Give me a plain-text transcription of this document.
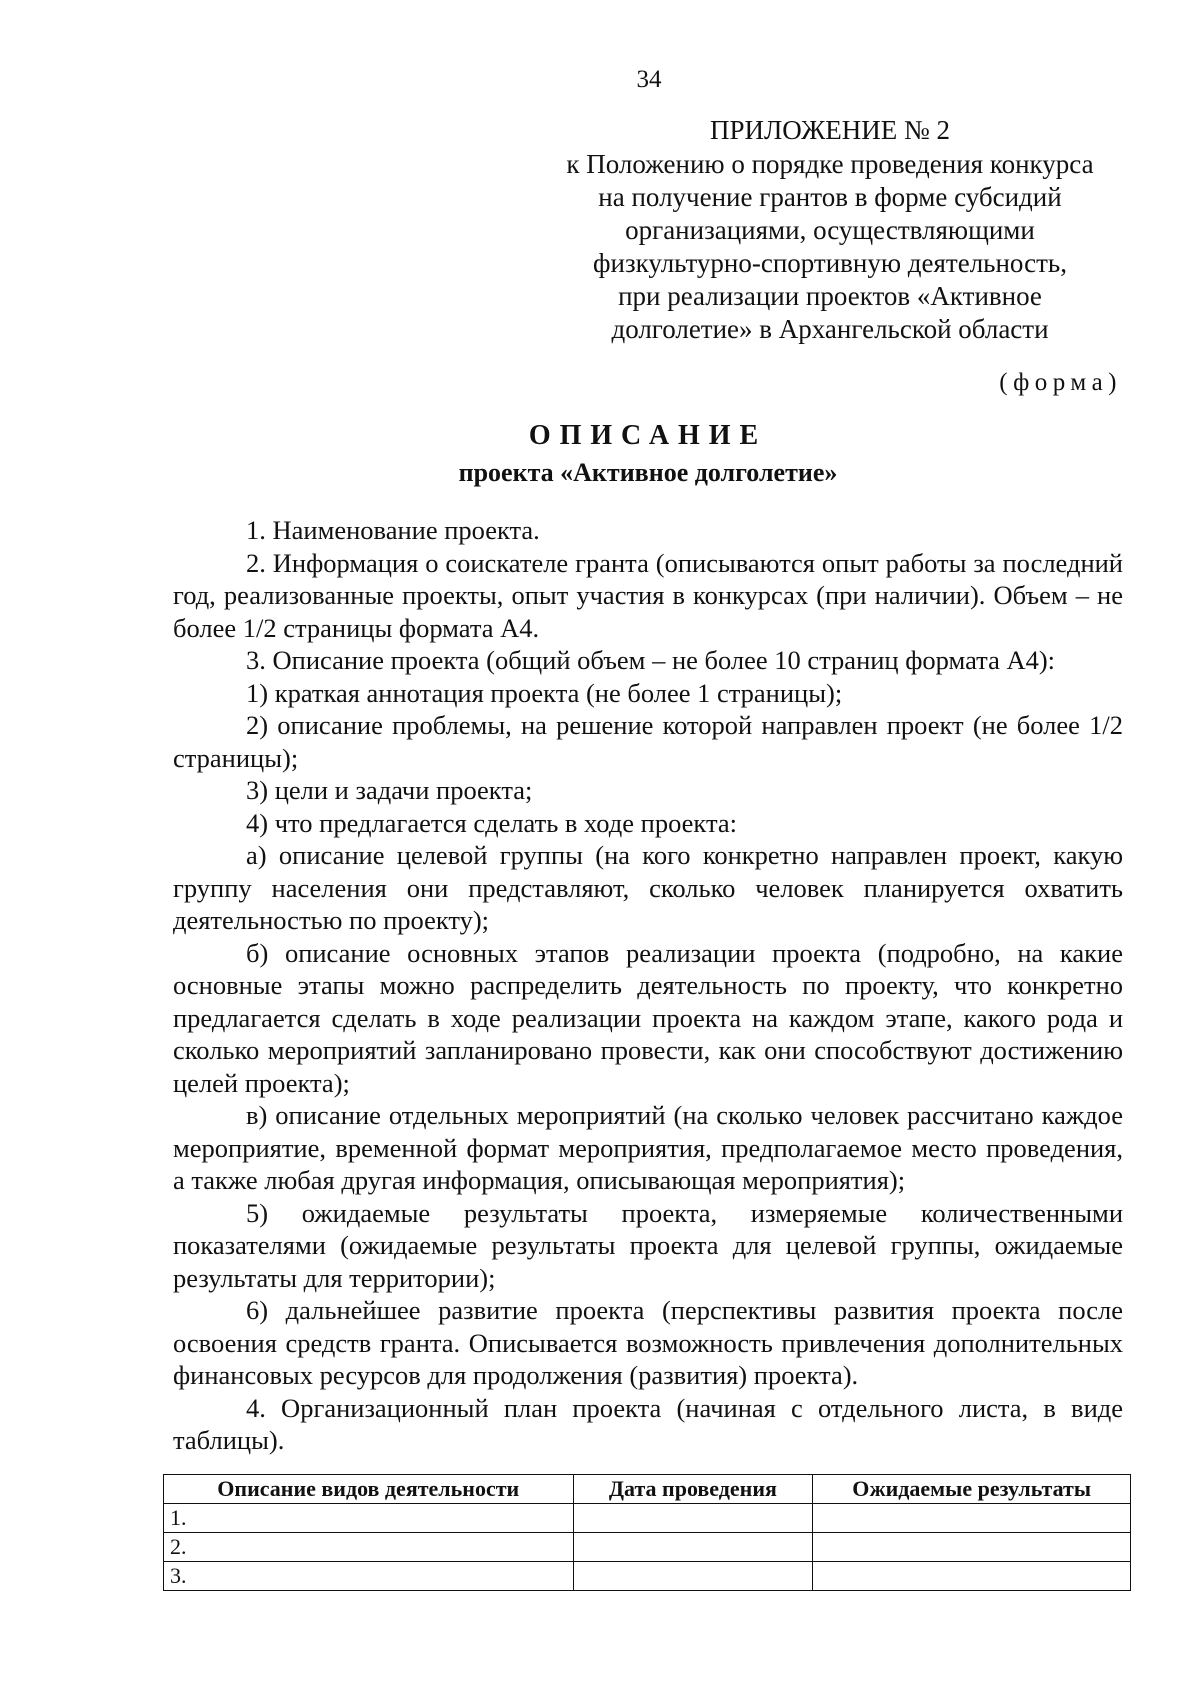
34
ПРИЛОЖЕНИЕ № 2
к Положению о порядке проведения конкурса
на получение грантов в форме субсидий
организациями, осуществляющими
физкультурно-спортивную деятельность,
при реализации проектов «Активное
долголетие» в Архангельской области
(форма)
ОПИСАНИЕ
проекта «Активное долголетие»

1. Наименование проекта.

2. Информация о соискателе гранта (описываются опыт работы за последний год, реализованные проекты, опыт участия в конкурсах (при наличии). Объем – не более 1/2 страницы формата А4.

3. Описание проекта (общий объем – не более 10 страниц формата А4):

1) краткая аннотация проекта (не более 1 страницы);

2) описание проблемы, на решение которой направлен проект (не более 1/2 страницы);

3) цели и задачи проекта;

4) что предлагается сделать в ходе проекта:

а) описание целевой группы (на кого конкретно направлен проект, какую группу населения они представляют, сколько человек планируется охватить деятельностью по проекту);

б) описание основных этапов реализации проекта (подробно, на какие основные этапы можно распределить деятельность по проекту, что конкретно предлагается сделать в ходе реализации проекта на каждом этапе, какого рода и сколько мероприятий запланировано провести, как они способствуют достижению целей проекта);

в) описание отдельных мероприятий (на сколько человек рассчитано каждое мероприятие, временной формат мероприятия, предполагаемое место проведения, а также любая другая информация, описывающая мероприятия);

5) ожидаемые результаты проекта, измеряемые количественными показателями (ожидаемые результаты проекта для целевой группы, ожидаемые результаты для территории);

6) дальнейшее развитие проекта (перспективы развития проекта после освоения средств гранта. Описывается возможность привлечения дополнительных финансовых ресурсов для продолжения (развития) проекта).

4. Организационный план проекта (начиная с отдельного листа, в виде таблицы).

Описание видов деятельности	Дата проведения	Ожидаемые результаты
1.		
2.		
3.		
